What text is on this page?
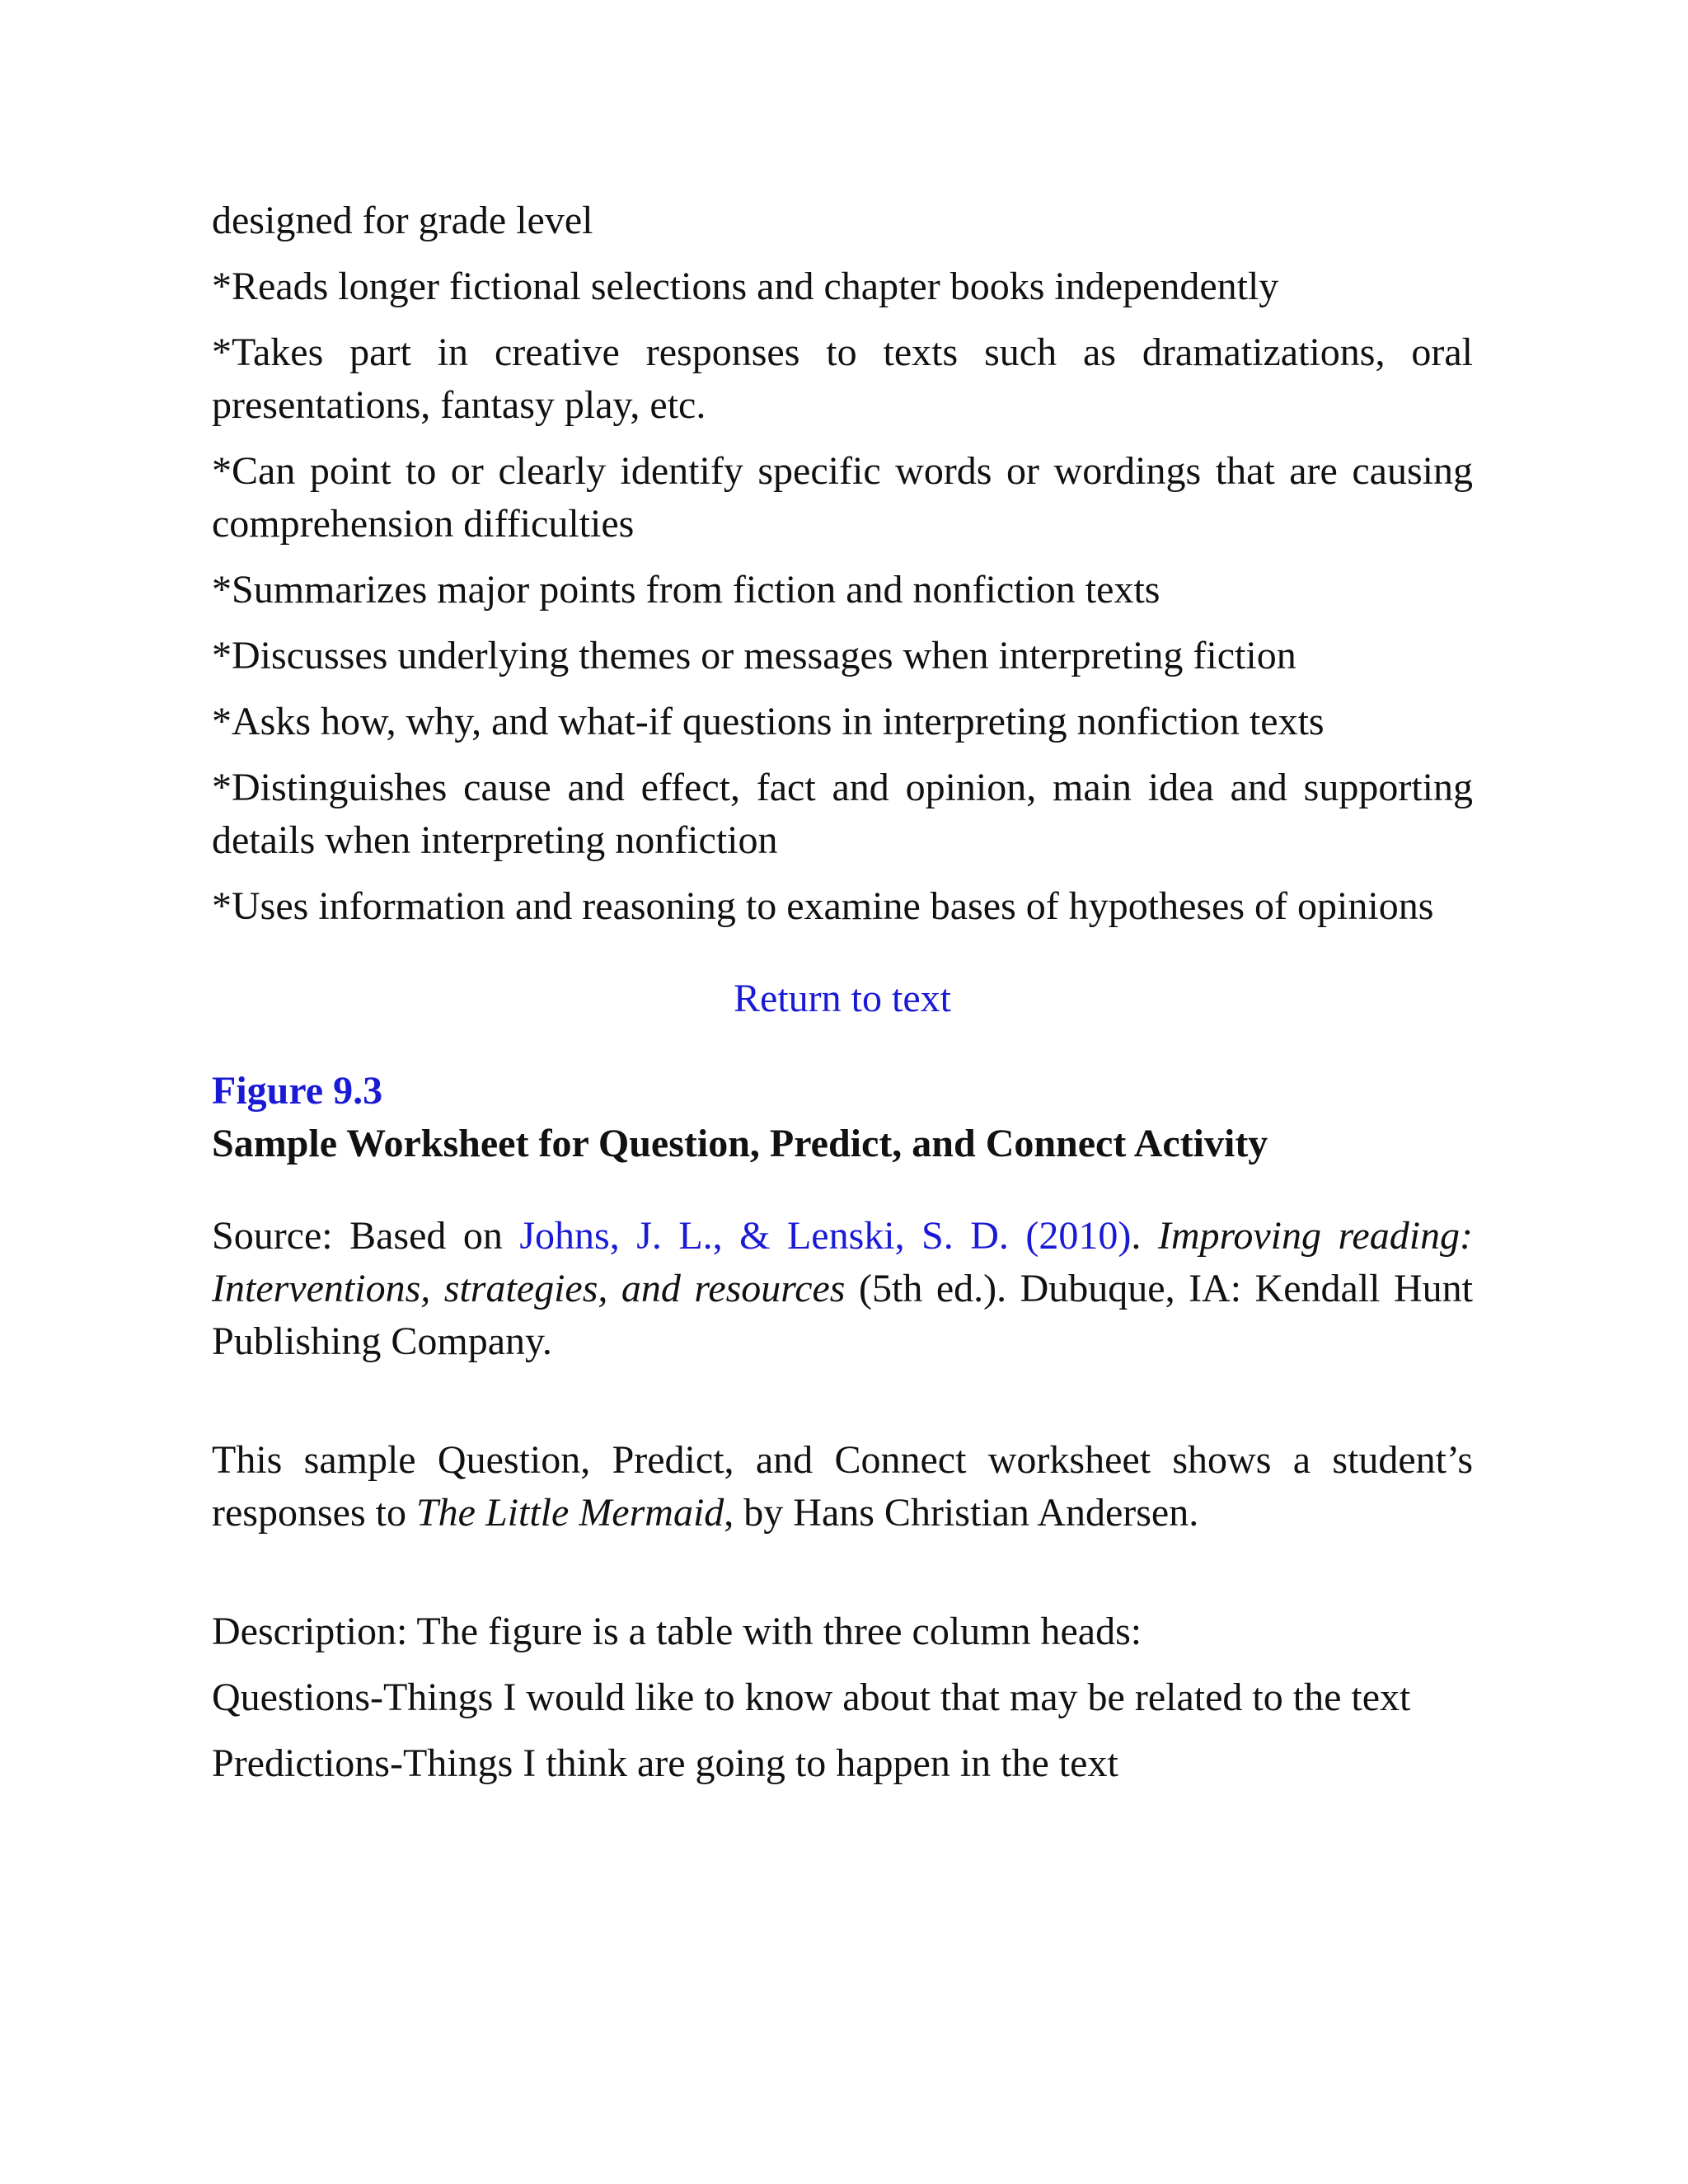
designed for grade level

*Reads longer fictional selections and chapter books independently

*Takes part in creative responses to texts such as dramatizations, oral presentations, fantasy play, etc.

*Can point to or clearly identify specific words or wordings that are causing comprehension difficulties

*Summarizes major points from fiction and nonfiction texts

*Discusses underlying themes or messages when interpreting fiction

*Asks how, why, and what-if questions in interpreting nonfiction texts

*Distinguishes cause and effect, fact and opinion, main idea and supporting details when interpreting nonfiction

*Uses information and reasoning to examine bases of hypotheses of opinions

Return to text

Figure 9.3

Sample Worksheet for Question, Predict, and Connect Activity

Source: Based on Johns, J. L., & Lenski, S. D. (2010). Improving reading: Interventions, strategies, and resources (5th ed.). Dubuque, IA: Kendall Hunt Publishing Company.

This sample Question, Predict, and Connect worksheet shows a student’s responses to The Little Mermaid, by Hans Christian Andersen.

Description: The figure is a table with three column heads:

Questions-Things I would like to know about that may be related to the text

Predictions-Things I think are going to happen in the text
